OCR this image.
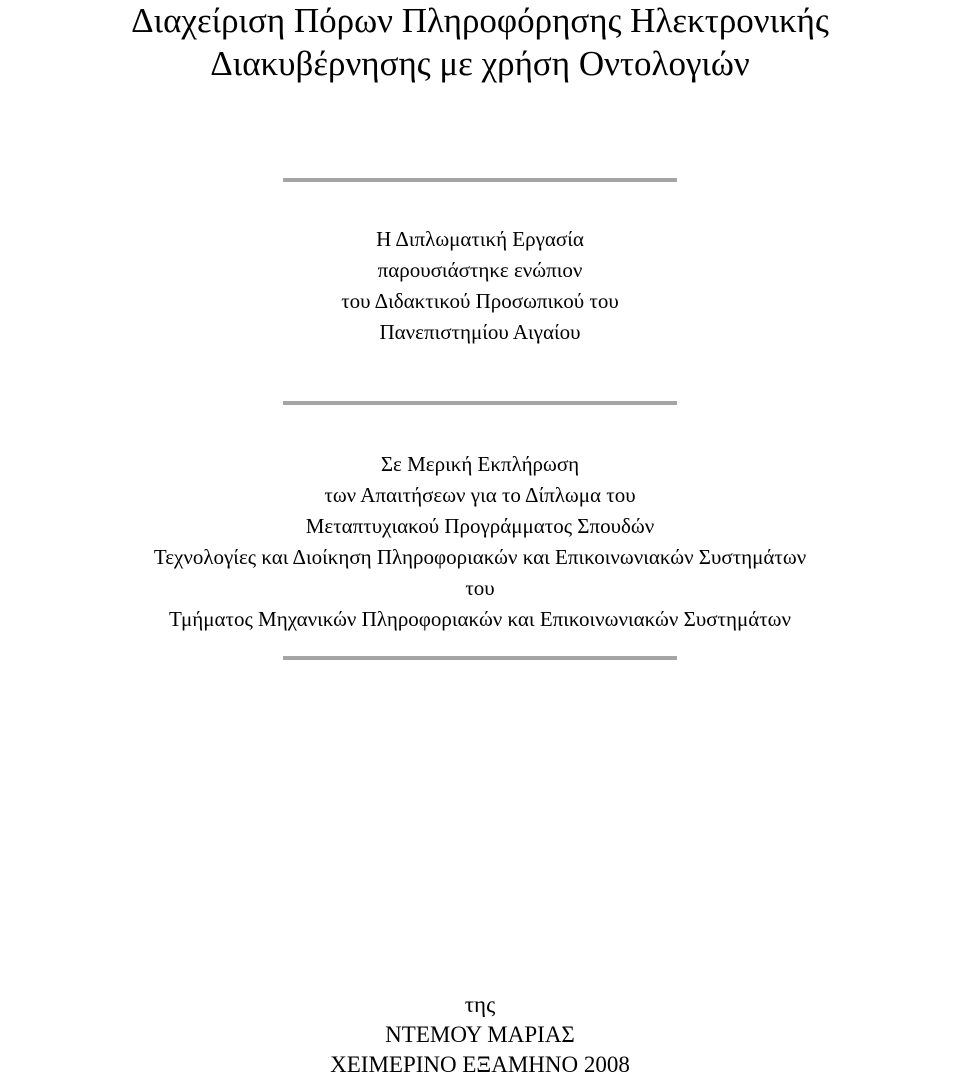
Διαχείριση Πόρων Πληροφόρησης Ηλεκτρονικής
Διακυβέρνησης με χρήση Οντολογιών
Η Διπλωματική Εργασία
παρουσιάστηκε ενώπιον
του Διδακτικού Προσωπικού του
Πανεπιστημίου Αιγαίου
Σε Μερική Εκπλήρωση
των Απαιτήσεων για το Δίπλωμα του
Μεταπτυχιακού Προγράμματος Σπουδών
Τεχνολογίες και Διοίκηση Πληροφοριακών και Επικοινωνιακών Συστημάτων
του
Τμήματος Μηχανικών Πληροφοριακών και Επικοινωνιακών Συστημάτων
της
ΝΤΕΜΟΥ ΜΑΡΙΑΣ
ΧΕΙΜΕΡΙΝΟ ΕΞΑΜΗΝΟ 2008
